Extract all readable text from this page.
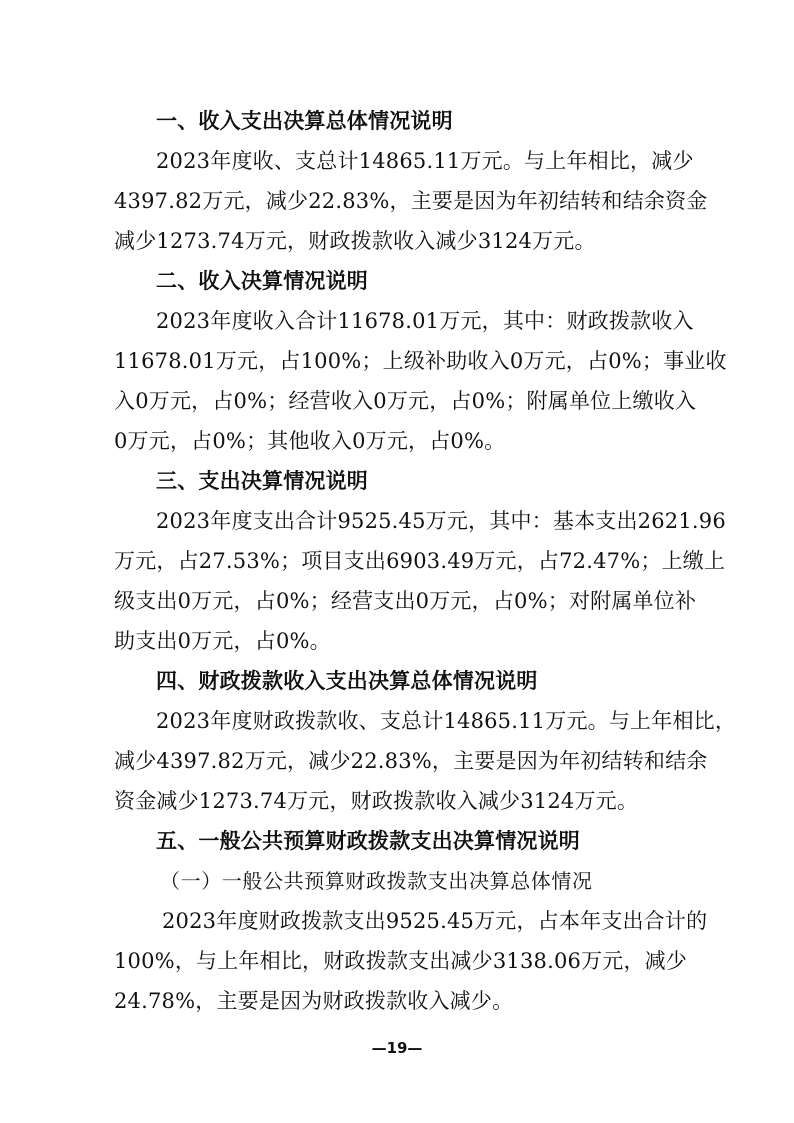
一、收入支出决算总体情况说明
2023年度收、支总计14865.11万元。与上年相比，减少
4397.82万元，减少22.83%，主要是因为年初结转和结余资金
减少1273.74万元，财政拨款收入减少3124万元。
二、收入决算情况说明
2023年度收入合计11678.01万元，其中：财政拨款收入
11678.01万元，占100%；上级补助收入0万元，占0%；事业收
入0万元，占0%；经营收入0万元，占0%；附属单位上缴收入
0万元，占0%；其他收入0万元，占0%。
三、支出决算情况说明
2023年度支出合计9525.45万元，其中：基本支出2621.96
万元，占27.53%；项目支出6903.49万元，占72.47%；上缴上
级支出0万元，占0%；经营支出0万元，占0%；对附属单位补
助支出0万元，占0%。
四、财政拨款收入支出决算总体情况说明
2023年度财政拨款收、支总计14865.11万元。与上年相比，
减少4397.82万元，减少22.83%，主要是因为年初结转和结余
资金减少1273.74万元，财政拨款收入减少3124万元。
五、一般公共预算财政拨款支出决算情况说明
（一）一般公共预算财政拨款支出决算总体情况
2023年度财政拨款支出9525.45万元，占本年支出合计的
100%，与上年相比，财政拨款支出减少3138.06万元，减少
24.78%，主要是因为财政拨款收入减少。
—19—
